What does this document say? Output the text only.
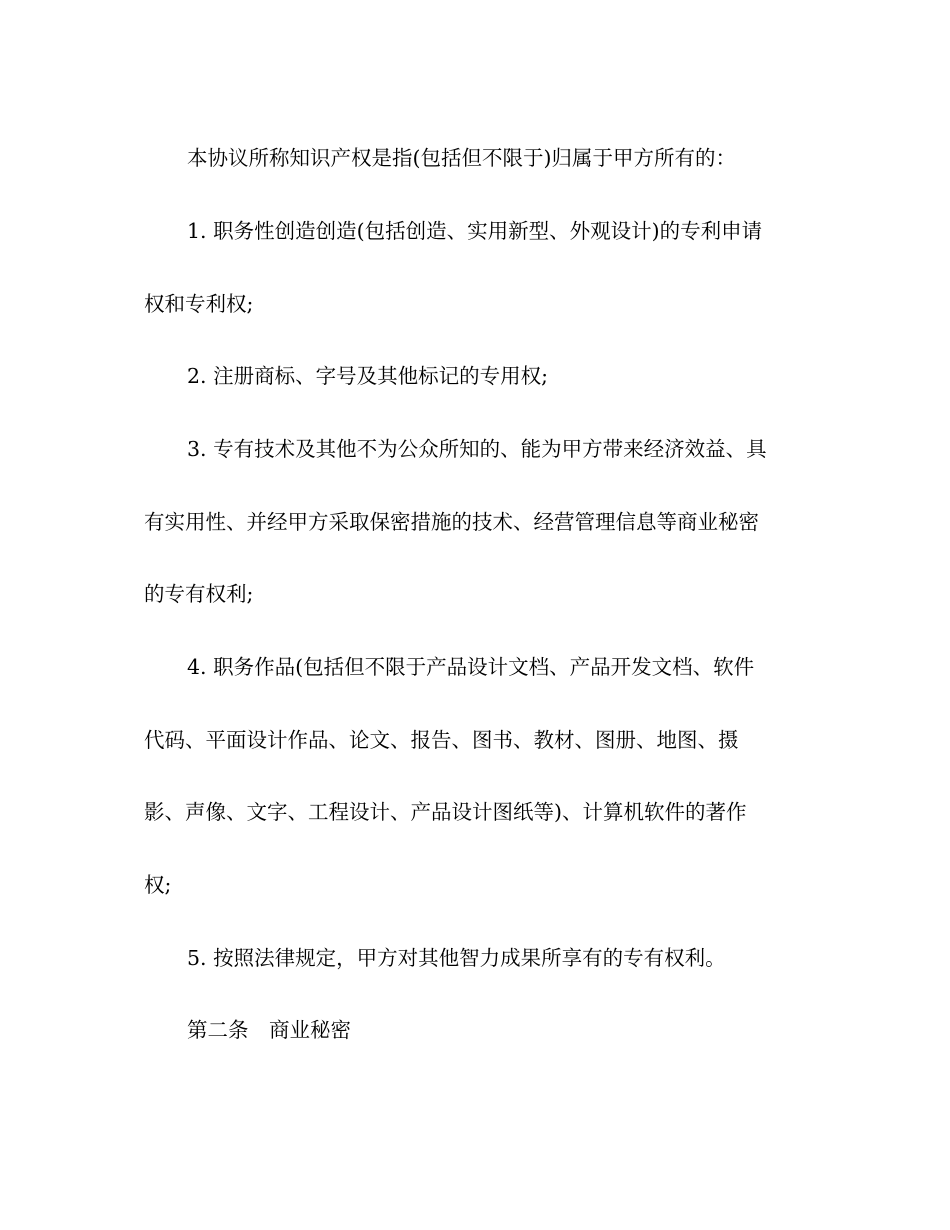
本协议所称知识产权是指(包括但不限于)归属于甲方所有的：

1. 职务性创造创造(包括创造、实用新型、外观设计)的专利申请

权和专利权;

2. 注册商标、字号及其他标记的专用权;

3. 专有技术及其他不为公众所知的、能为甲方带来经济效益、具

有实用性、并经甲方采取保密措施的技术、经营管理信息等商业秘密

的专有权利;

4. 职务作品(包括但不限于产品设计文档、产品开发文档、软件

代码、平面设计作品、论文、报告、图书、教材、图册、地图、摄

影、声像、文字、工程设计、产品设计图纸等)、计算机软件的著作

权;

5. 按照法律规定，甲方对其他智力成果所享有的专有权利。

第二条　商业秘密
